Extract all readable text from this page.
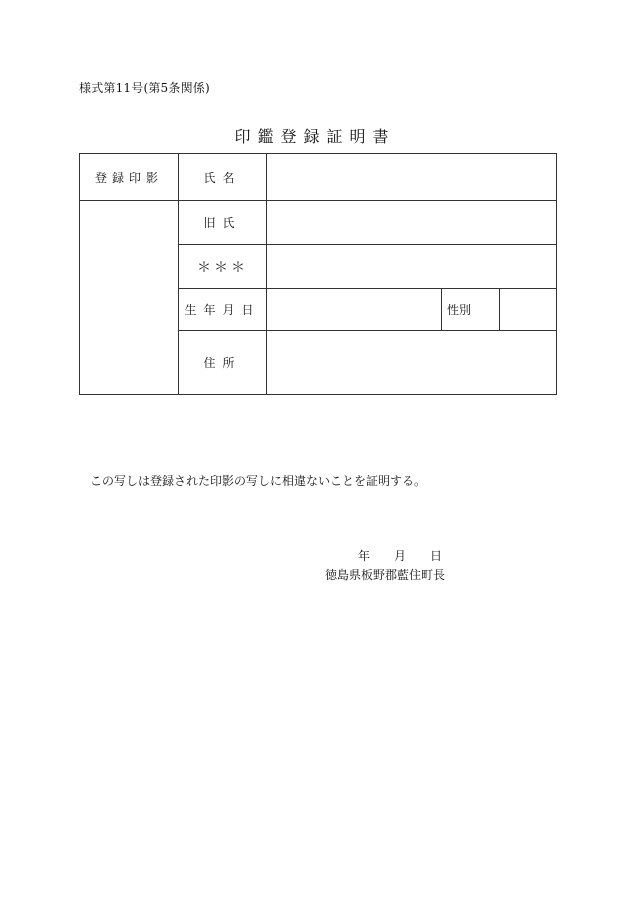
様式第11号(第5条関係)
印鑑登録証明書
登録印影	氏名
旧氏
＊＊＊
生年月日	性別
住所
この写しは登録された印影の写しに相違ないことを証明する。
年　　月　　日
徳島県板野郡藍住町長
